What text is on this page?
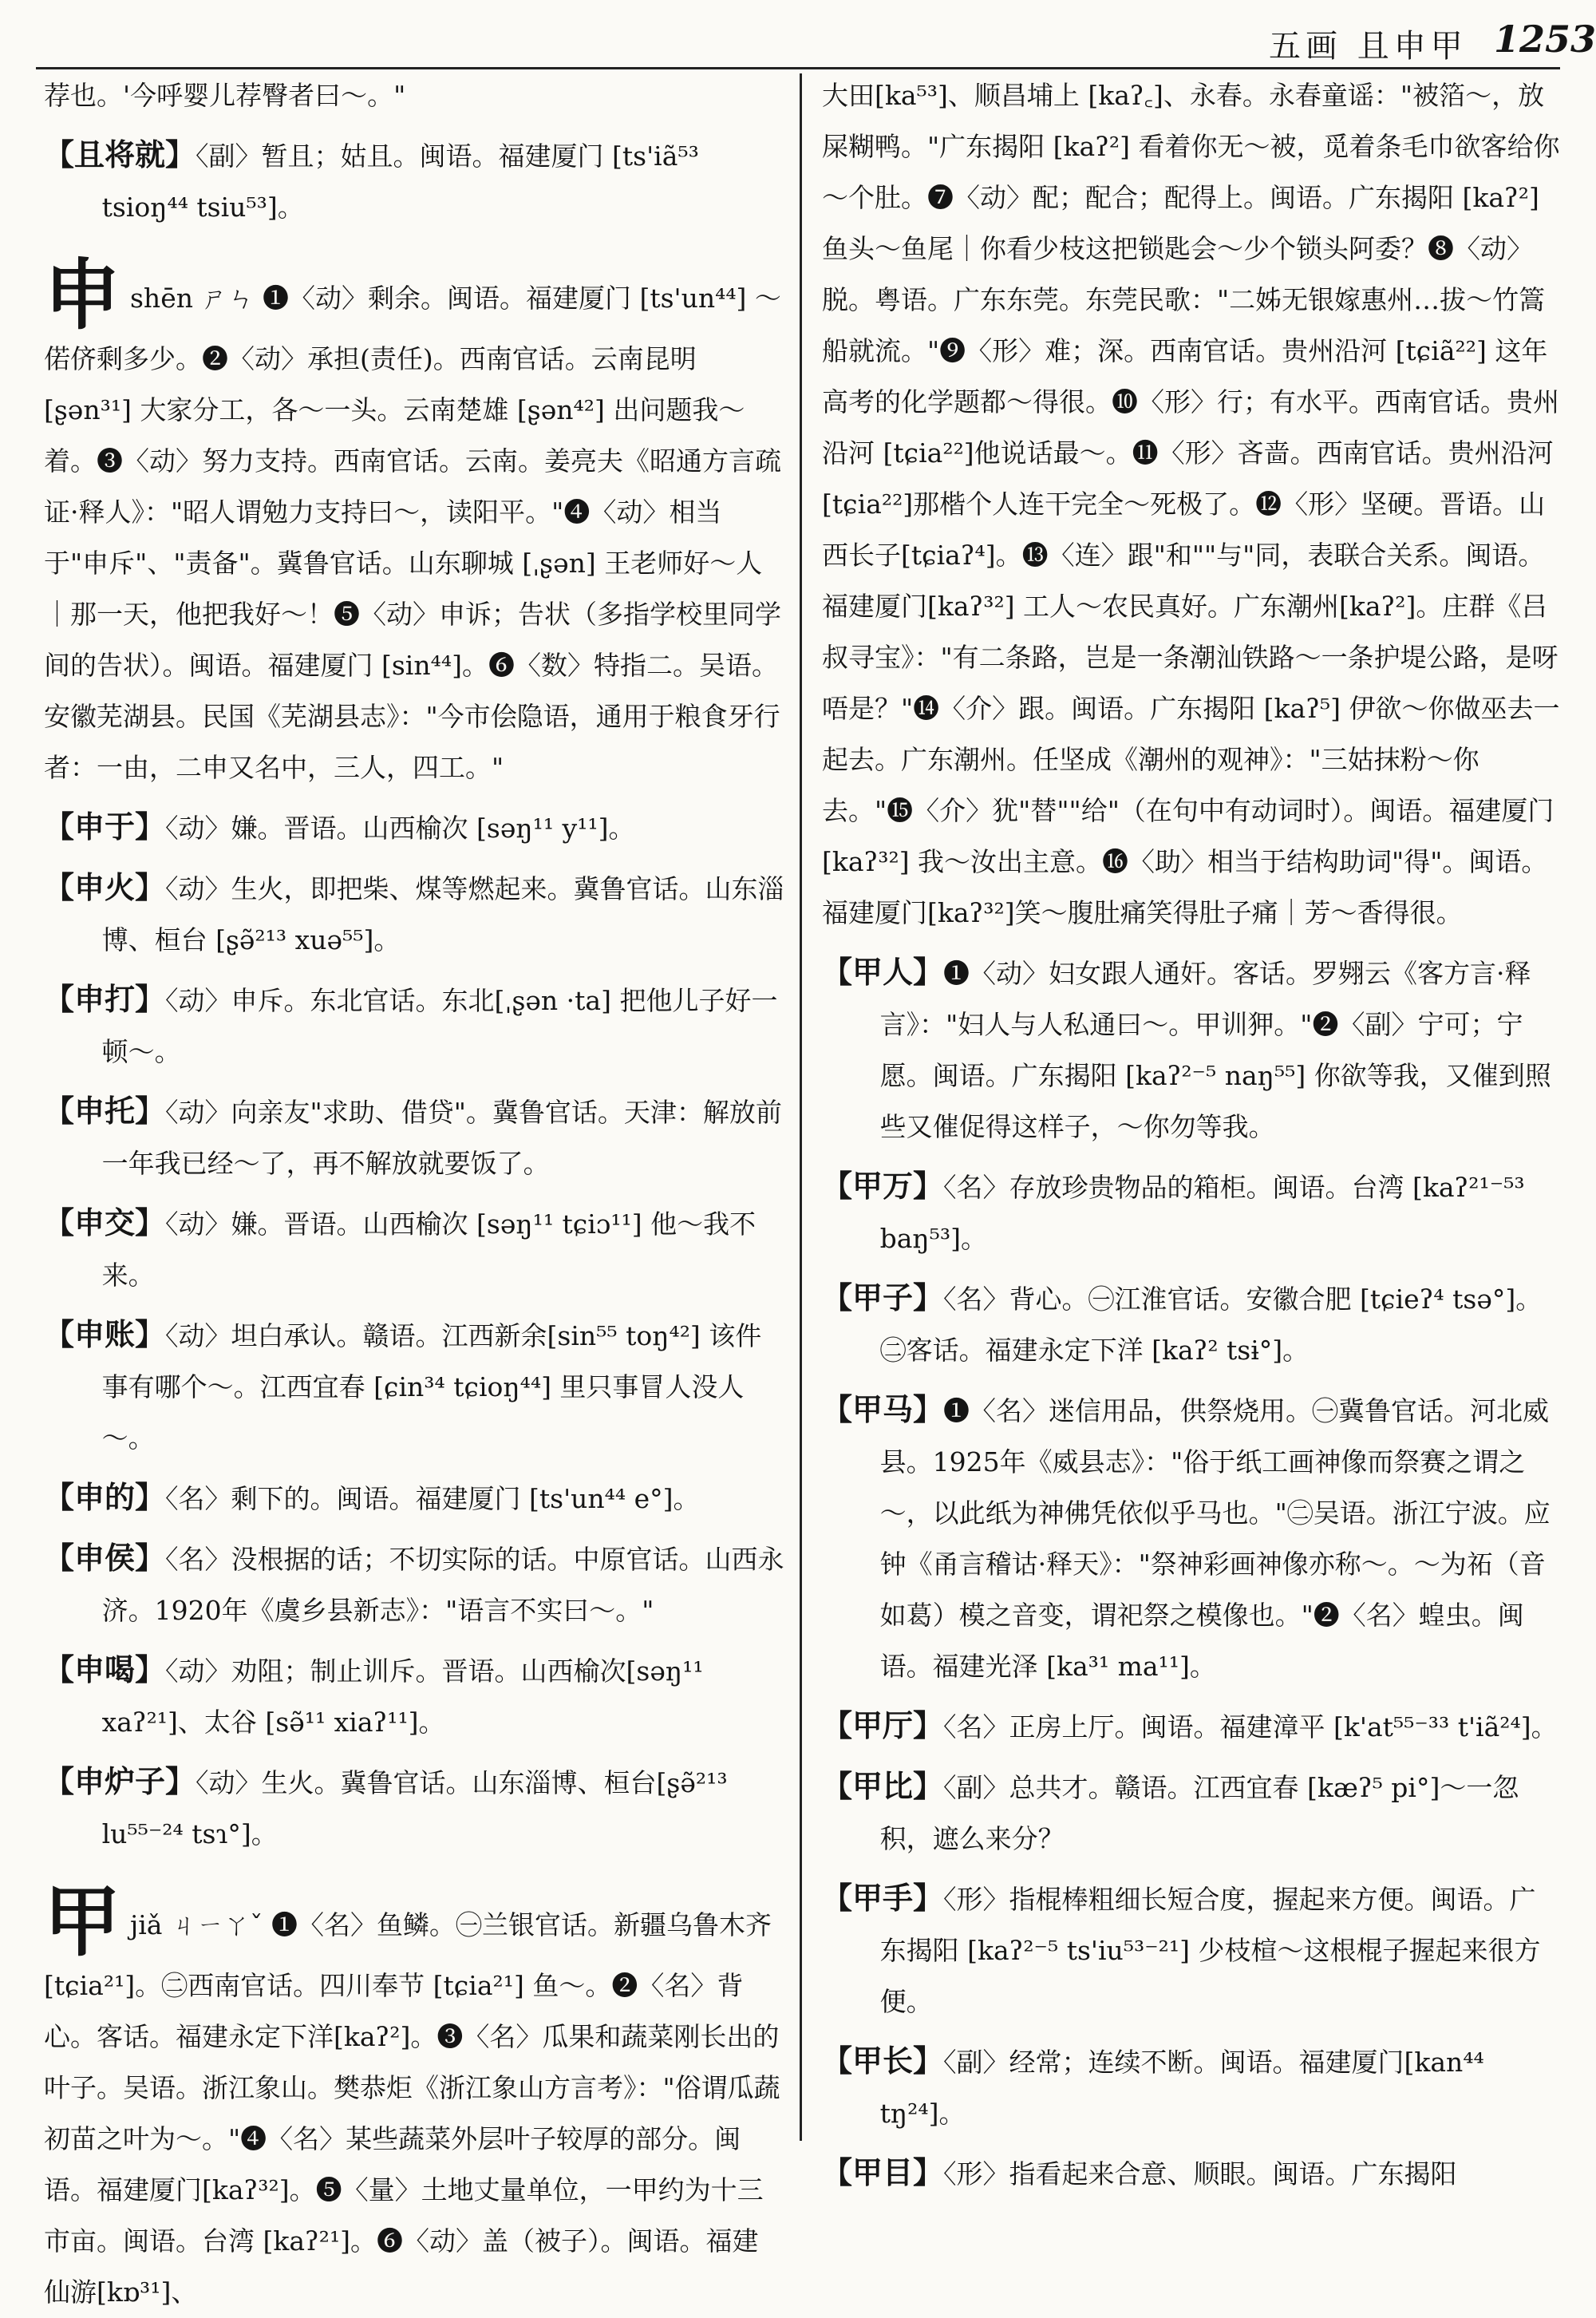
五画 且申甲 1253
荐也。'今呼婴儿荐臀者曰～。"
【且将就】〈副〉暂且；姑且。闽语。福建厦门 [ts'iã⁵³ tsioŋ⁴⁴ tsiu⁵³]。
申shēn ㄕㄣ ❶〈动〉剩余。闽语。福建厦门 [ts'un⁴⁴] ～偌侪剩多少。❷〈动〉承担(责任)。西南官话。云南昆明 [ʂən³¹] 大家分工，各～一头。云南楚雄 [ʂən⁴²] 出问题我～着。❸〈动〉努力支持。西南官话。云南。姜亮夫《昭通方言疏证·释人》："昭人谓勉力支持曰～，读阳平。"❹〈动〉相当于"申斥"、"责备"。冀鲁官话。山东聊城 [ˌʂən] 王老师好～人｜那一天，他把我好～！❺〈动〉申诉；告状（多指学校里同学间的告状）。闽语。福建厦门 [sin⁴⁴]。❻〈数〉特指二。吴语。安徽芜湖县。民国《芜湖县志》："今市侩隐语，通用于粮食牙行者：一由，二申又名中，三人，四工。"
【申于】〈动〉嫌。晋语。山西榆次 [səŋ¹¹ y¹¹]。
【申火】〈动〉生火，即把柴、煤等燃起来。冀鲁官话。山东淄博、桓台 [ʂə̃²¹³ xuə⁵⁵]。
【申打】〈动〉申斥。东北官话。东北[ˌʂən ·ta] 把他儿子好一顿～。
【申托】〈动〉向亲友"求助、借贷"。冀鲁官话。天津：解放前一年我已经～了，再不解放就要饭了。
【申交】〈动〉嫌。晋语。山西榆次 [səŋ¹¹ tɕiɔ¹¹] 他～我不来。
【申账】〈动〉坦白承认。赣语。江西新余[sin⁵⁵ toŋ⁴²] 该件事有哪个～。江西宜春 [ɕin³⁴ tɕioŋ⁴⁴] 里只事冒人没人～。
【申的】〈名〉剩下的。闽语。福建厦门 [ts'un⁴⁴ e°]。
【申侯】〈名〉没根据的话；不切实际的话。中原官话。山西永济。1920年《虞乡县新志》："语言不实曰～。"
【申喝】〈动〉劝阻；制止训斥。晋语。山西榆次[səŋ¹¹ xaʔ²¹]、太谷 [sə̃¹¹ xiaʔ¹¹]。
【申炉子】〈动〉生火。冀鲁官话。山东淄博、桓台[ʂə̃²¹³ lu⁵⁵⁻²⁴ tsɿ°]。
甲jiǎ ㄐㄧㄚˇ ❶〈名〉鱼鳞。㊀兰银官话。新疆乌鲁木齐[tɕia²¹]。㊁西南官话。四川奉节 [tɕia²¹] 鱼～。❷〈名〉背心。客话。福建永定下洋[kaʔ²]。❸〈名〉瓜果和蔬菜刚长出的叶子。吴语。浙江象山。樊恭炬《浙江象山方言考》："俗谓瓜蔬初苗之叶为～。"❹〈名〉某些蔬菜外层叶子较厚的部分。闽语。福建厦门[kaʔ³²]。❺〈量〉土地丈量单位，一甲约为十三市亩。闽语。台湾 [kaʔ²¹]。❻〈动〉盖（被子）。闽语。福建仙游[kɒ³¹]、
大田[ka⁵³]、顺昌埔上 [kaʔ꜀]、永春。永春童谣："被箔～，放屎糊鸭。"广东揭阳 [kaʔ²] 看着你无～被，觅着条毛巾欲客给你～个肚。❼〈动〉配；配合；配得上。闽语。广东揭阳 [kaʔ²] 鱼头～鱼尾｜你看少枝这把锁匙会～少个锁头阿委？❽〈动〉脱。粤语。广东东莞。东莞民歌："二姊无银嫁惠州…拔～竹篙船就流。"❾〈形〉难；深。西南官话。贵州沿河 [tɕiã²²] 这年高考的化学题都～得很。❿〈形〉行；有水平。西南官话。贵州沿河 [tɕia²²]他说话最～。⓫〈形〉吝啬。西南官话。贵州沿河 [tɕia²²]那楷个人连干完全～死极了。⓬〈形〉坚硬。晋语。山西长子[tɕiaʔ⁴]。⓭〈连〉跟"和""与"同，表联合关系。闽语。福建厦门[kaʔ³²] 工人～农民真好。广东潮州[kaʔ²]。庄群《吕叔寻宝》："有二条路，岂是一条潮汕铁路～一条护堤公路，是呀唔是？"⓮〈介〉跟。闽语。广东揭阳 [kaʔ⁵] 伊欲～你做巫去一起去。广东潮州。任坚成《潮州的观神》："三姑抹粉～你去。"⓯〈介〉犹"替""给"（在句中有动词时）。闽语。福建厦门 [kaʔ³²] 我～汝出主意。⓰〈助〉相当于结构助词"得"。闽语。福建厦门[kaʔ³²]笑～腹肚痛笑得肚子痛｜芳～香得很。
【甲人】❶〈动〉妇女跟人通奸。客话。罗翙云《客方言·释言》："妇人与人私通曰～。甲训狎。"❷〈副〉宁可；宁愿。闽语。广东揭阳 [kaʔ²⁻⁵ naŋ⁵⁵] 你欲等我，又催到照些又催促得这样子，～你勿等我。
【甲万】〈名〉存放珍贵物品的箱柜。闽语。台湾 [kaʔ²¹⁻⁵³ baŋ⁵³]。
【甲子】〈名〉背心。㊀江淮官话。安徽合肥 [tɕieʔ⁴ tsə°]。㊁客话。福建永定下洋 [kaʔ² tsɨ°]。
【甲马】❶〈名〉迷信用品，供祭烧用。㊀冀鲁官话。河北威县。1925年《威县志》："俗于纸工画神像而祭赛之谓之～，以此纸为神佛凭依似乎马也。"㊁吴语。浙江宁波。应钟《甬言稽诂·释天》："祭神彩画神像亦称～。～为祏（音如葛）模之音变，谓祀祭之模像也。"❷〈名〉蝗虫。闽语。福建光泽 [ka³¹ ma¹¹]。
【甲厅】〈名〉正房上厅。闽语。福建漳平 [k'at⁵⁵⁻³³ t'iã²⁴]。
【甲比】〈副〉总共才。赣语。江西宜春 [kæʔ⁵ pi°]～一忽积，遮么来分？
【甲手】〈形〉指棍棒粗细长短合度，握起来方便。闽语。广东揭阳 [kaʔ²⁻⁵ ts'iu⁵³⁻²¹] 少枝楦～这根棍子握起来很方便。
【甲长】〈副〉经常；连续不断。闽语。福建厦门[kan⁴⁴ tŋ²⁴]。
【甲目】〈形〉指看起来合意、顺眼。闽语。广东揭阳
